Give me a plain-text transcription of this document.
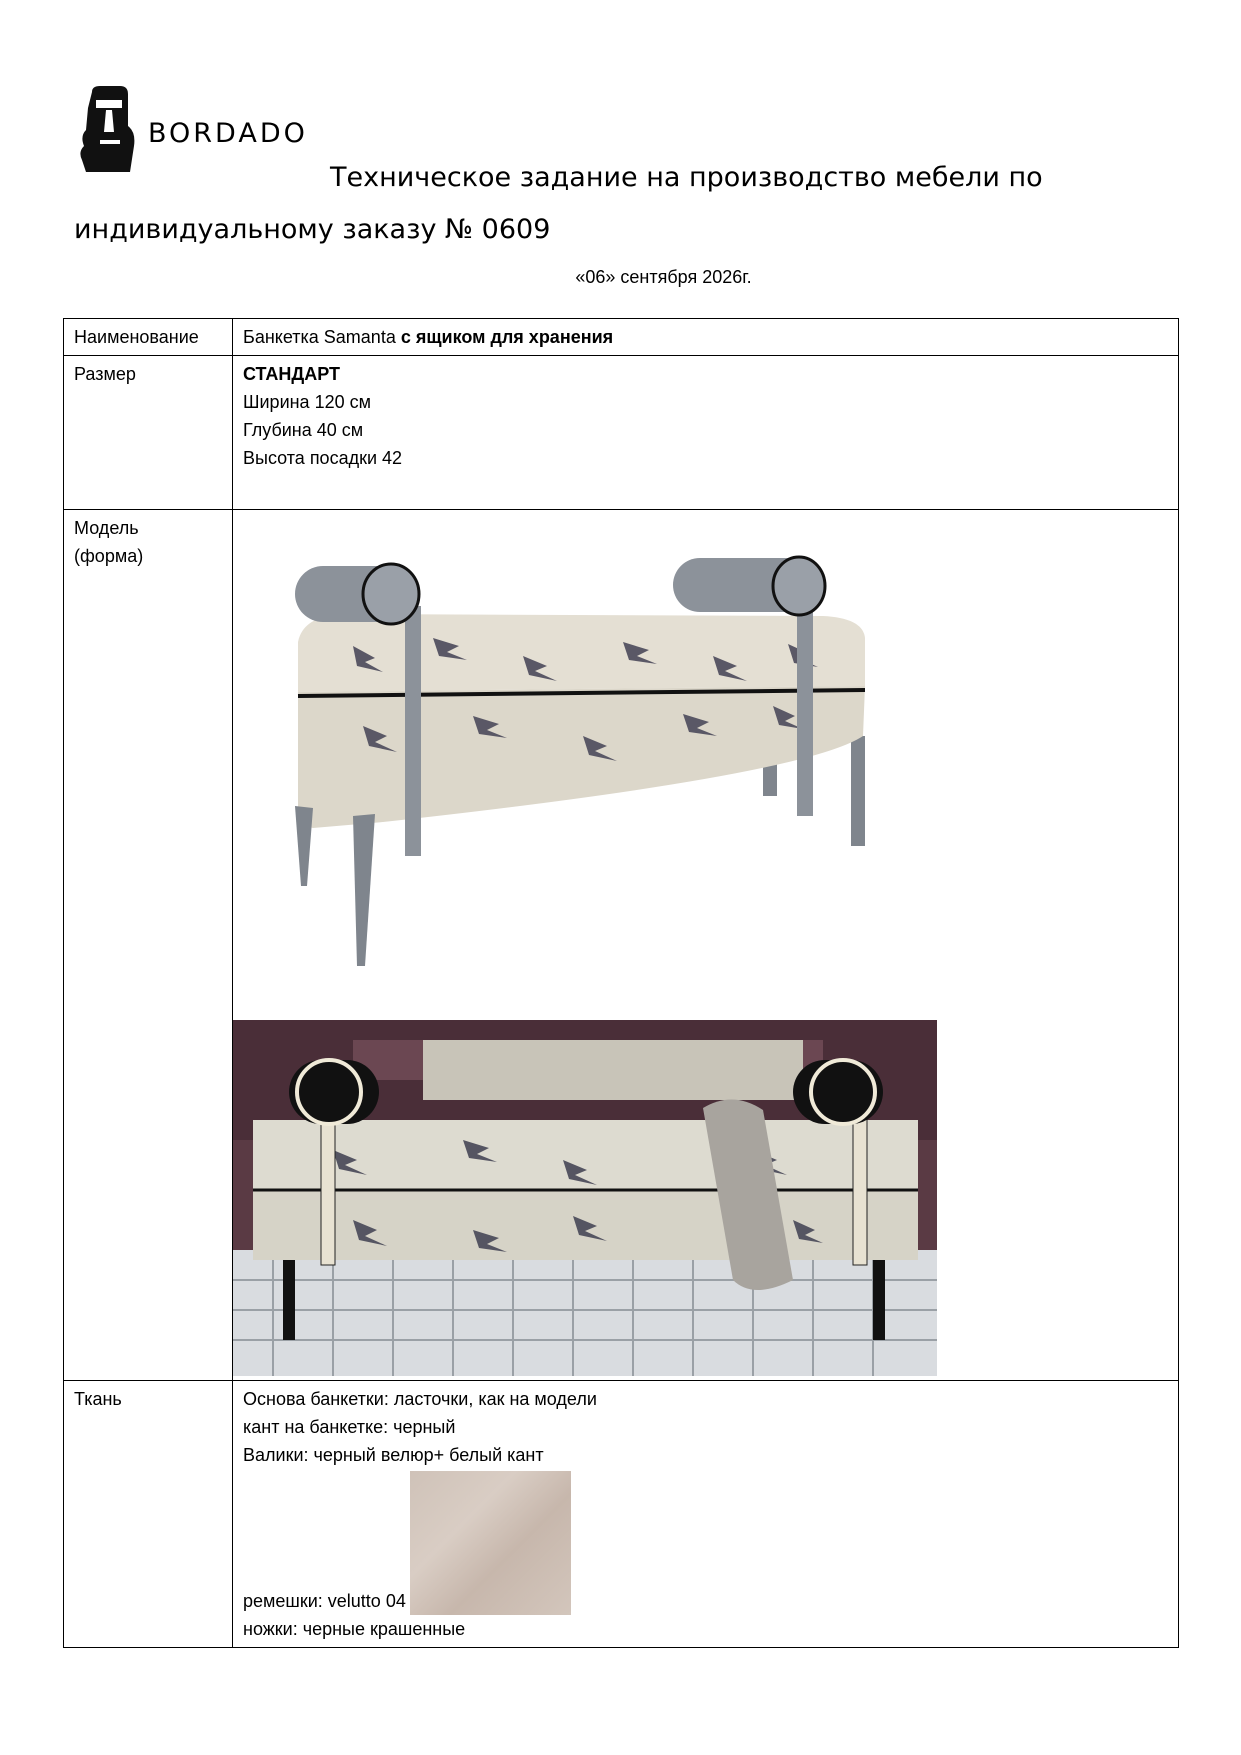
BORDADO
Техническое задание на производство мебели по
индивидуальному заказу № 0609
«06» сентября 2026г.
Наименование	Банкетка Samanta с ящиком для хранения
Размер	СТАНДАРТ
Ширина 120 см
Глубина 40 см
Высота посадки 42

Модель
(форма)

Ткань	Основа банкетки: ласточки, как на модели
кант на банкетке: черный
Валики: черный велюр+ белый кант
ремешки: velutto 04
ножки: черные крашенные
